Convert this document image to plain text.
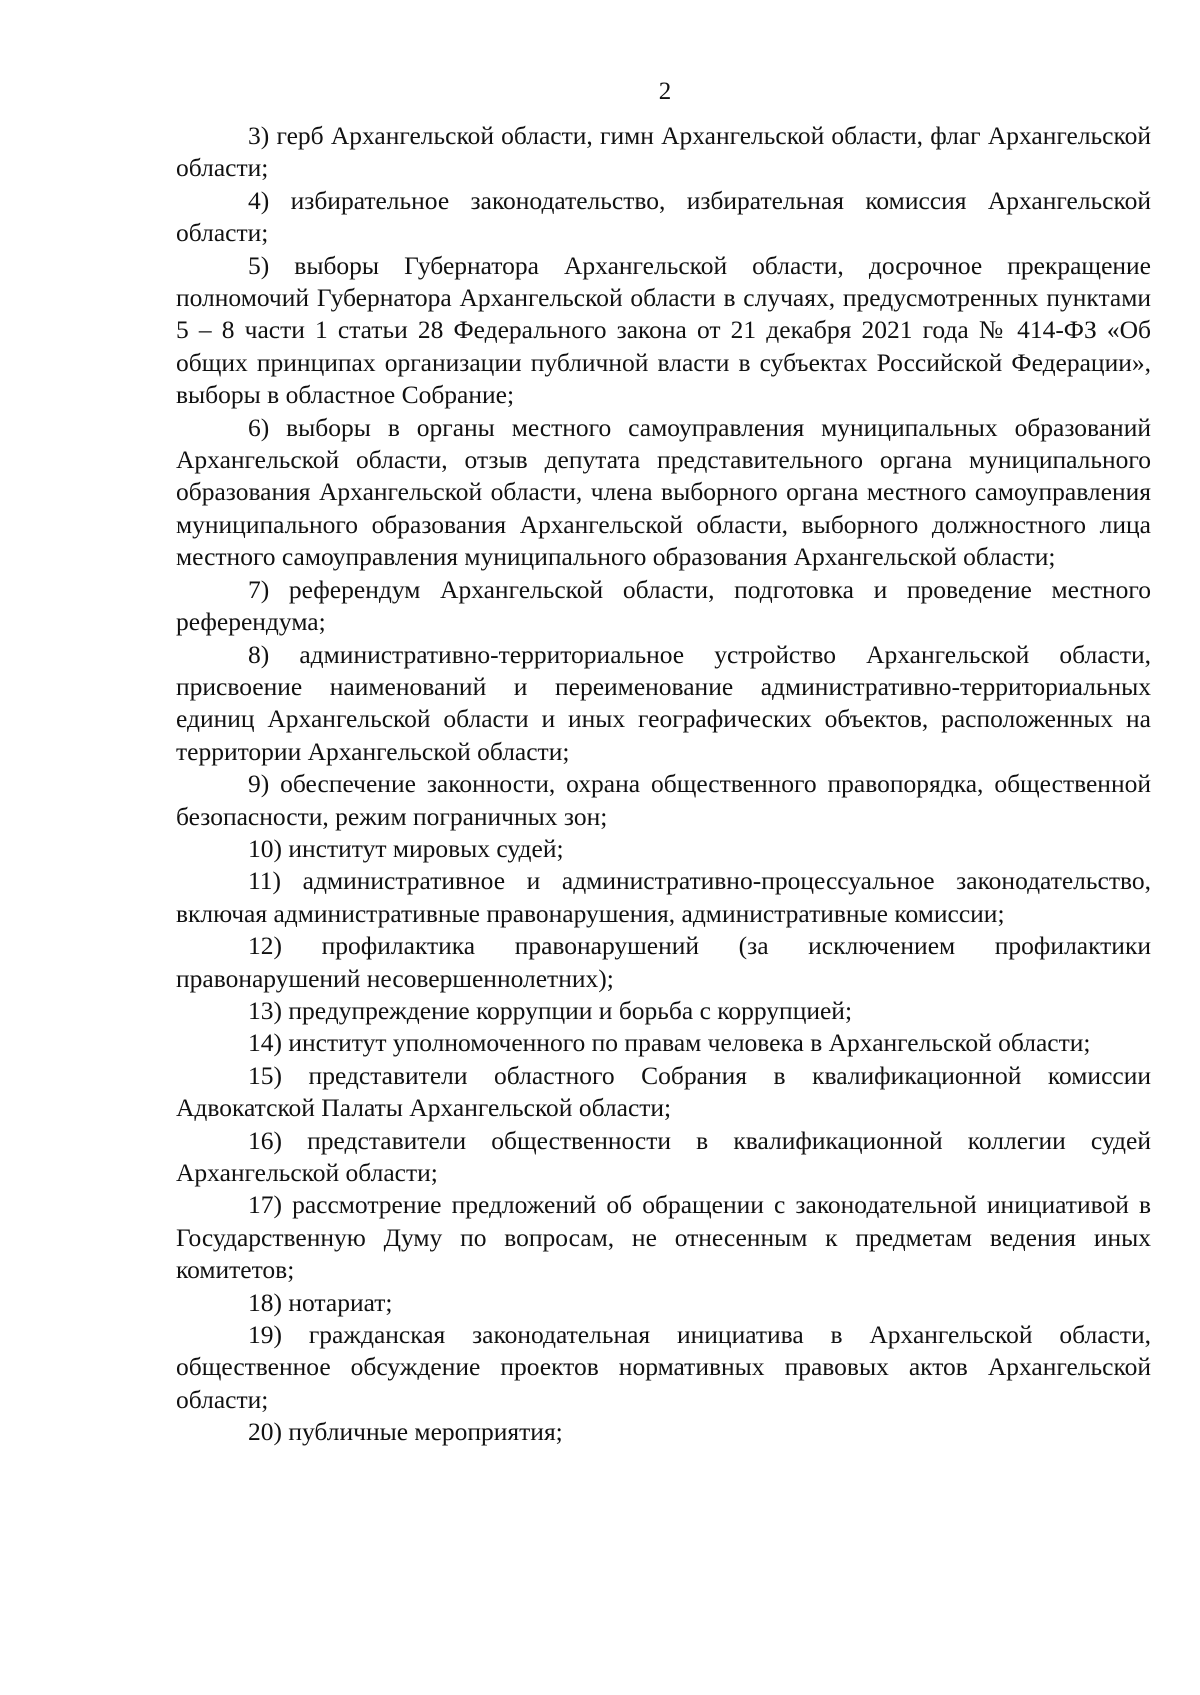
2

3) герб Архангельской области, гимн Архангельской области, флаг Архангельской области;

4) избирательное законодательство, избирательная комиссия Архангельской области;

5) выборы Губернатора Архангельской области, досрочное прекращение полномочий Губернатора Архангельской области в случаях, предусмотренных пунктами 5 – 8 части 1 статьи 28 Федерального закона от 21 декабря 2021 года № 414-ФЗ «Об общих принципах организации публичной власти в субъектах Российской Федерации», выборы в областное Собрание;

6) выборы в органы местного самоуправления муниципальных образований Архангельской области, отзыв депутата представительного органа муниципального образования Архангельской области, члена выборного органа местного самоуправления муниципального образования Архангельской области, выборного должностного лица местного самоуправления муниципального образования Архангельской области;

7) референдум Архангельской области, подготовка и проведение местного референдума;

8) административно-территориальное устройство Архангельской области, присвоение наименований и переименование административно-территориальных единиц Архангельской области и иных географических объектов, расположенных на территории Архангельской области;

9) обеспечение законности, охрана общественного правопорядка, общественной безопасности, режим пограничных зон;

10) институт мировых судей;

11) административное и административно-процессуальное законодательство, включая административные правонарушения, административные комиссии;

12) профилактика правонарушений (за исключением профилактики правонарушений несовершеннолетних);

13) предупреждение коррупции и борьба с коррупцией;

14) институт уполномоченного по правам человека в Архангельской области;

15) представители областного Собрания в квалификационной комиссии Адвокатской Палаты Архангельской области;

16) представители общественности в квалификационной коллегии судей Архангельской области;

17) рассмотрение предложений об обращении с законодательной инициативой в Государственную Думу по вопросам, не отнесенным к предметам ведения иных комитетов;

18) нотариат;

19) гражданская законодательная инициатива в Архангельской области, общественное обсуждение проектов нормативных правовых актов Архангельской области;

20) публичные мероприятия;
